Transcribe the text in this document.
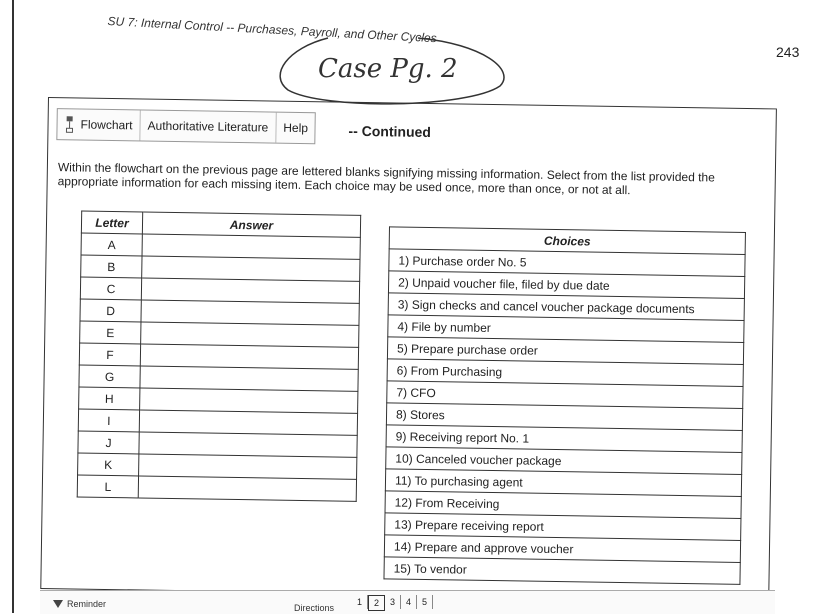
SU 7: Internal Control -- Purchases, Payroll, and Other Cycles
243
Case Pg. 2
Flowchart Authoritative Literature Help	-- Continued
Within the flowchart on the previous page are lettered blanks signifying missing information. Select from the list provided the appropriate information for each missing item. Each choice may be used once, more than once, or not at all.
Letter	Answer
A	
B	
C	
D	
E	
F	
G	
H	
I	
J	
K	
L	
Choices
1) Purchase order No. 5
2) Unpaid voucher file, filed by due date
3) Sign checks and cancel voucher package documents
4) File by number
5) Prepare purchase order
6) From Purchasing
7) CFO
8) Stores
9) Receiving report No. 1
10) Canceled voucher package
11) To purchasing agent
12) From Receiving
13) Prepare receiving report
14) Prepare and approve voucher
15) To vendor
Reminder	Directions
1	2	3	4	5
